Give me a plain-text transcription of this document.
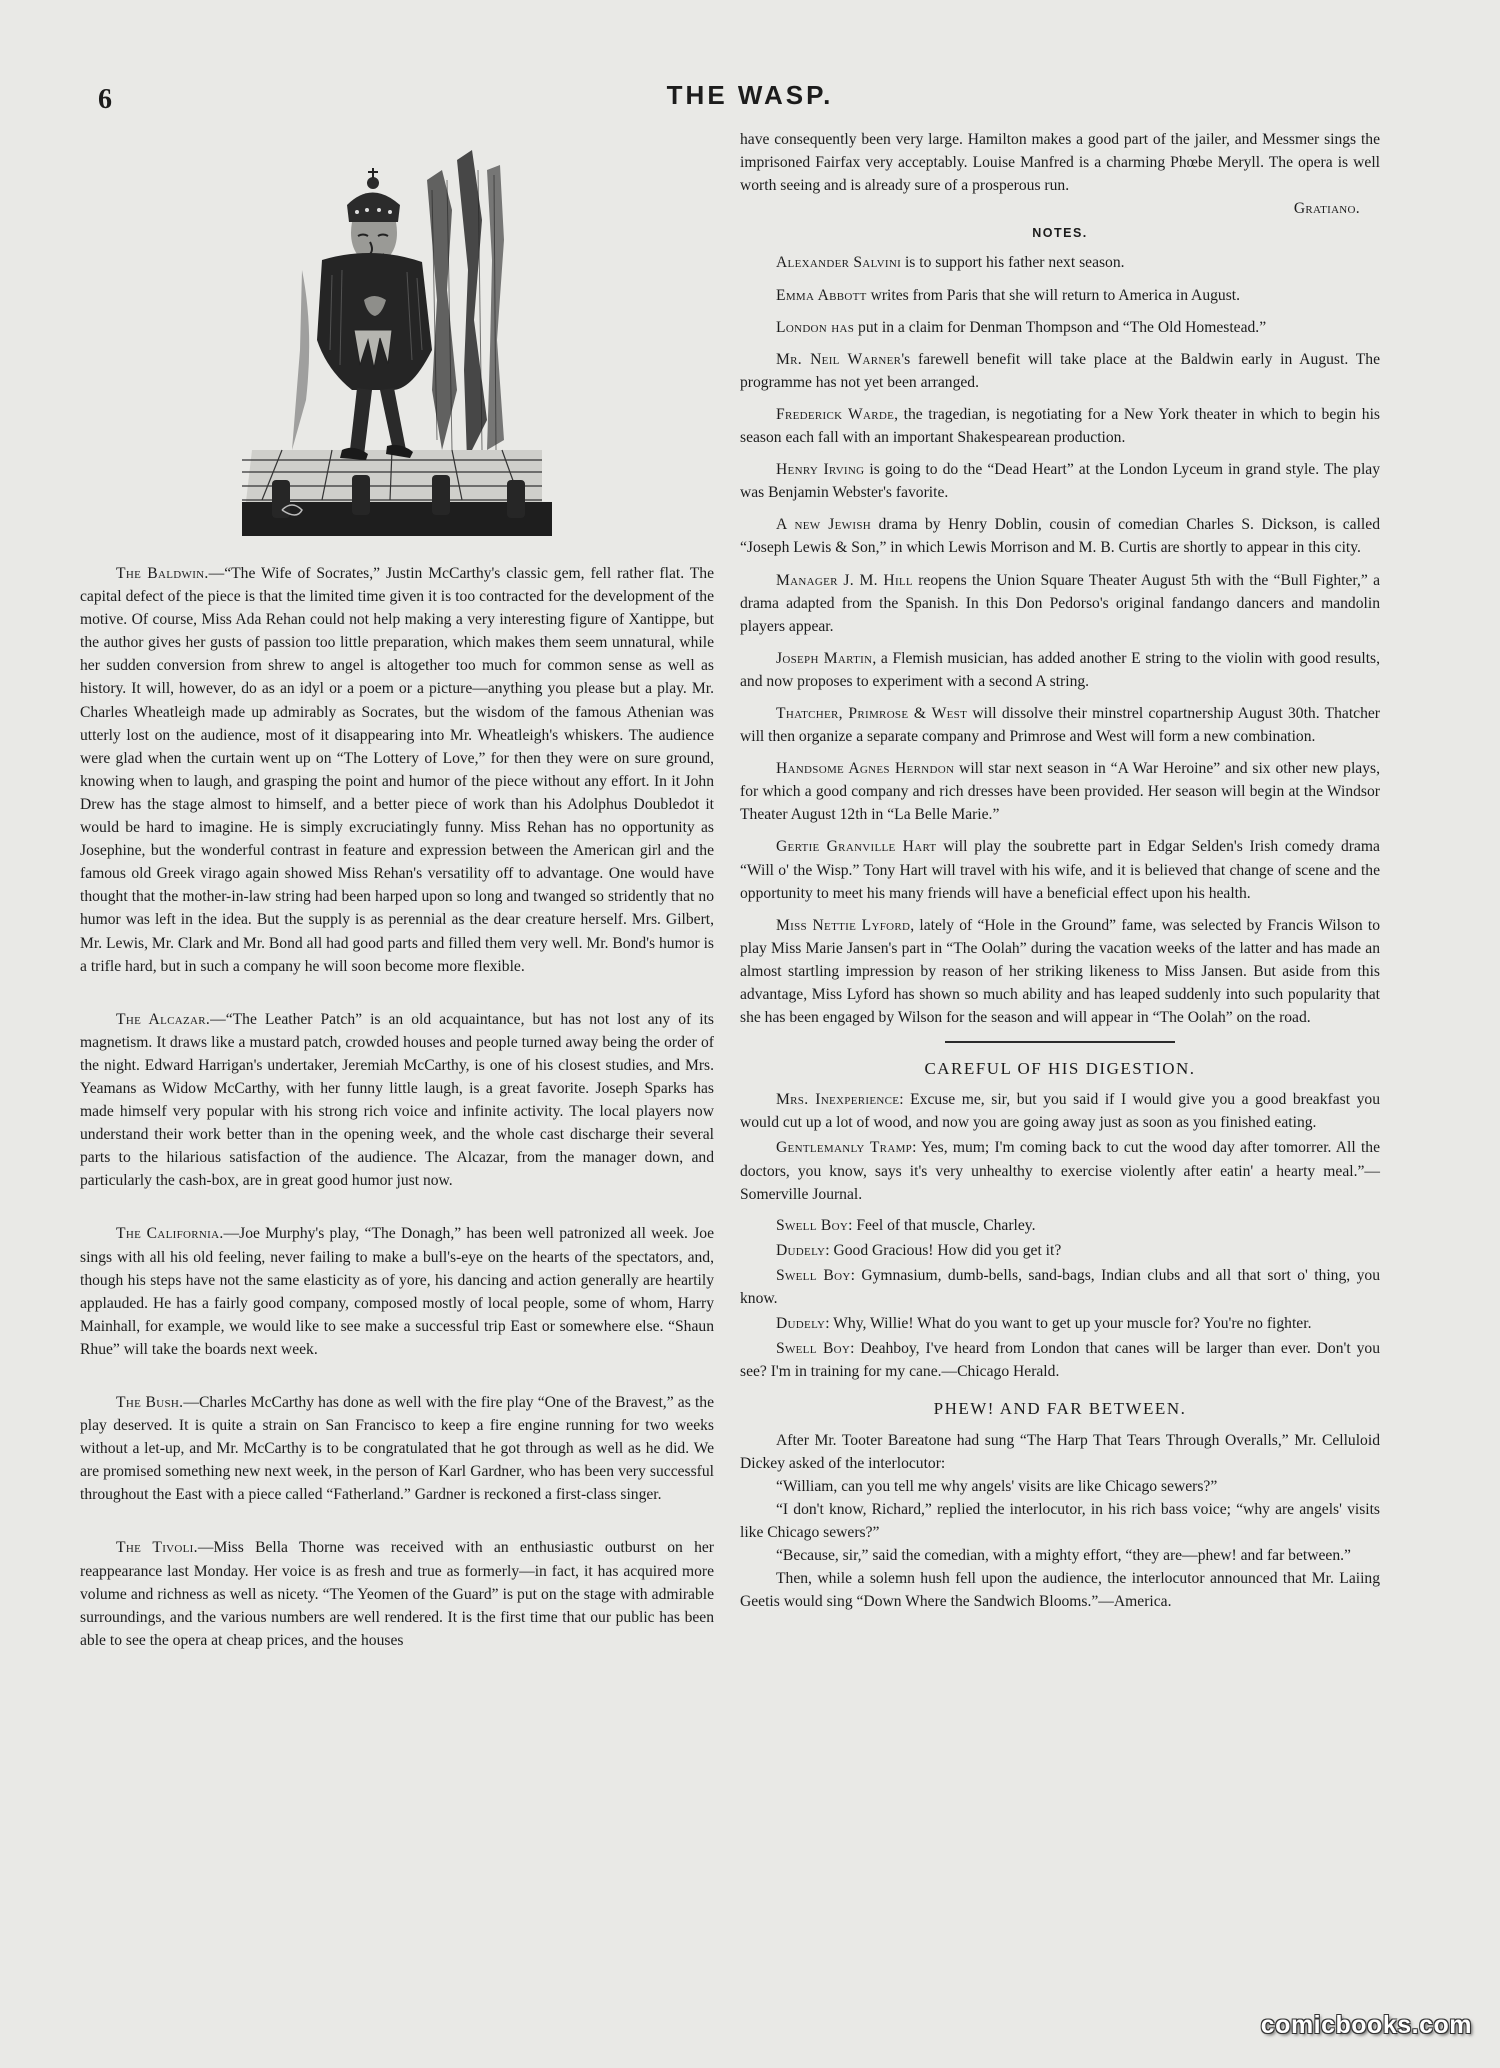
6	THE WASP.

The Baldwin.—“The Wife of Socrates,” Justin McCarthy's classic gem, fell rather flat. The capital defect of the piece is that the limited time given it is too contracted for the development of the motive. Of course, Miss Ada Rehan could not help making a very interesting figure of Xantippe, but the author gives her gusts of passion too little preparation, which makes them seem unnatural, while her sudden conversion from shrew to angel is altogether too much for common sense as well as history. It will, however, do as an idyl or a poem or a picture—anything you please but a play. Mr. Charles Wheatleigh made up admirably as Socrates, but the wisdom of the famous Athenian was utterly lost on the audience, most of it disappearing into Mr. Wheatleigh's whiskers. The audience were glad when the curtain went up on “The Lottery of Love,” for then they were on sure ground, knowing when to laugh, and grasping the point and humor of the piece without any effort. In it John Drew has the stage almost to himself, and a better piece of work than his Adolphus Doubledot it would be hard to imagine. He is simply excruciatingly funny. Miss Rehan has no opportunity as Josephine, but the wonderful contrast in feature and expression between the American girl and the famous old Greek virago again showed Miss Rehan's versatility off to advantage. One would have thought that the mother-in-law string had been harped upon so long and twanged so stridently that no humor was left in the idea. But the supply is as perennial as the dear creature herself. Mrs. Gilbert, Mr. Lewis, Mr. Clark and Mr. Bond all had good parts and filled them very well. Mr. Bond's humor is a trifle hard, but in such a company he will soon become more flexible.

The Alcazar.—“The Leather Patch” is an old acquaintance, but has not lost any of its magnetism. It draws like a mustard patch, crowded houses and people turned away being the order of the night. Edward Harrigan's undertaker, Jeremiah McCarthy, is one of his closest studies, and Mrs. Yeamans as Widow McCarthy, with her funny little laugh, is a great favorite. Joseph Sparks has made himself very popular with his strong rich voice and infinite activity. The local players now understand their work better than in the opening week, and the whole cast discharge their several parts to the hilarious satisfaction of the audience. The Alcazar, from the manager down, and particularly the cash-box, are in great good humor just now.

The California.—Joe Murphy's play, “The Donagh,” has been well patronized all week. Joe sings with all his old feeling, never failing to make a bull's-eye on the hearts of the spectators, and, though his steps have not the same elasticity as of yore, his dancing and action generally are heartily applauded. He has a fairly good company, composed mostly of local people, some of whom, Harry Mainhall, for example, we would like to see make a successful trip East or somewhere else. “Shaun Rhue” will take the boards next week.

The Bush.—Charles McCarthy has done as well with the fire play “One of the Bravest,” as the play deserved. It is quite a strain on San Francisco to keep a fire engine running for two weeks without a let-up, and Mr. McCarthy is to be congratulated that he got through as well as he did. We are promised something new next week, in the person of Karl Gardner, who has been very successful throughout the East with a piece called “Fatherland.” Gardner is reckoned a first-class singer.

The Tivoli.—Miss Bella Thorne was received with an enthusiastic outburst on her reappearance last Monday. Her voice is as fresh and true as formerly—in fact, it has acquired more volume and richness as well as nicety. “The Yeomen of the Guard” is put on the stage with admirable surroundings, and the various numbers are well rendered. It is the first time that our public has been able to see the opera at cheap prices, and the houses

have consequently been very large. Hamilton makes a good part of the jailer, and Messmer sings the imprisoned Fairfax very acceptably. Louise Manfred is a charming Phœbe Meryll. The opera is well worth seeing and is already sure of a prosperous run.

Gratiano.

NOTES.

Alexander Salvini is to support his father next season.

Emma Abbott writes from Paris that she will return to America in August.

London has put in a claim for Denman Thompson and “The Old Homestead.”

Mr. Neil Warner's farewell benefit will take place at the Baldwin early in August. The programme has not yet been arranged.

Frederick Warde, the tragedian, is negotiating for a New York theater in which to begin his season each fall with an important Shakespearean production.

Henry Irving is going to do the “Dead Heart” at the London Lyceum in grand style. The play was Benjamin Webster's favorite.

A new Jewish drama by Henry Doblin, cousin of comedian Charles S. Dickson, is called “Joseph Lewis & Son,” in which Lewis Morrison and M. B. Curtis are shortly to appear in this city.

Manager J. M. Hill reopens the Union Square Theater August 5th with the “Bull Fighter,” a drama adapted from the Spanish. In this Don Pedorso's original fandango dancers and mandolin players appear.

Joseph Martin, a Flemish musician, has added another E string to the violin with good results, and now proposes to experiment with a second A string.

Thatcher, Primrose & West will dissolve their minstrel copartnership August 30th. Thatcher will then organize a separate company and Primrose and West will form a new combination.

Handsome Agnes Herndon will star next season in “A War Heroine” and six other new plays, for which a good company and rich dresses have been provided. Her season will begin at the Windsor Theater August 12th in “La Belle Marie.”

Gertie Granville Hart will play the soubrette part in Edgar Selden's Irish comedy drama “Will o' the Wisp.” Tony Hart will travel with his wife, and it is believed that change of scene and the opportunity to meet his many friends will have a beneficial effect upon his health.

Miss Nettie Lyford, lately of “Hole in the Ground” fame, was selected by Francis Wilson to play Miss Marie Jansen's part in “The Oolah” during the vacation weeks of the latter and has made an almost startling impression by reason of her striking likeness to Miss Jansen. But aside from this advantage, Miss Lyford has shown so much ability and has leaped suddenly into such popularity that she has been engaged by Wilson for the season and will appear in “The Oolah” on the road.

CAREFUL OF HIS DIGESTION.

Mrs. Inexperience: Excuse me, sir, but you said if I would give you a good breakfast you would cut up a lot of wood, and now you are going away just as soon as you finished eating.

Gentlemanly Tramp: Yes, mum; I'm coming back to cut the wood day after tomorrer. All the doctors, you know, says it's very unhealthy to exercise violently after eatin' a hearty meal.”—Somerville Journal.

Swell Boy: Feel of that muscle, Charley.

Dudely: Good Gracious! How did you get it?

Swell Boy: Gymnasium, dumb-bells, sand-bags, Indian clubs and all that sort o' thing, you know.

Dudely: Why, Willie! What do you want to get up your muscle for? You're no fighter.

Swell Boy: Deahboy, I've heard from London that canes will be larger than ever. Don't you see? I'm in training for my cane.—Chicago Herald.

PHEW! AND FAR BETWEEN.

After Mr. Tooter Bareatone had sung “The Harp That Tears Through Overalls,” Mr. Celluloid Dickey asked of the interlocutor:

“William, can you tell me why angels' visits are like Chicago sewers?”

“I don't know, Richard,” replied the interlocutor, in his rich bass voice; “why are angels' visits like Chicago sewers?”

“Because, sir,” said the comedian, with a mighty effort, “they are—phew! and far between.”

Then, while a solemn hush fell upon the audience, the interlocutor announced that Mr. Laiing Geetis would sing “Down Where the Sandwich Blooms.”—America.

comicbooks.com
